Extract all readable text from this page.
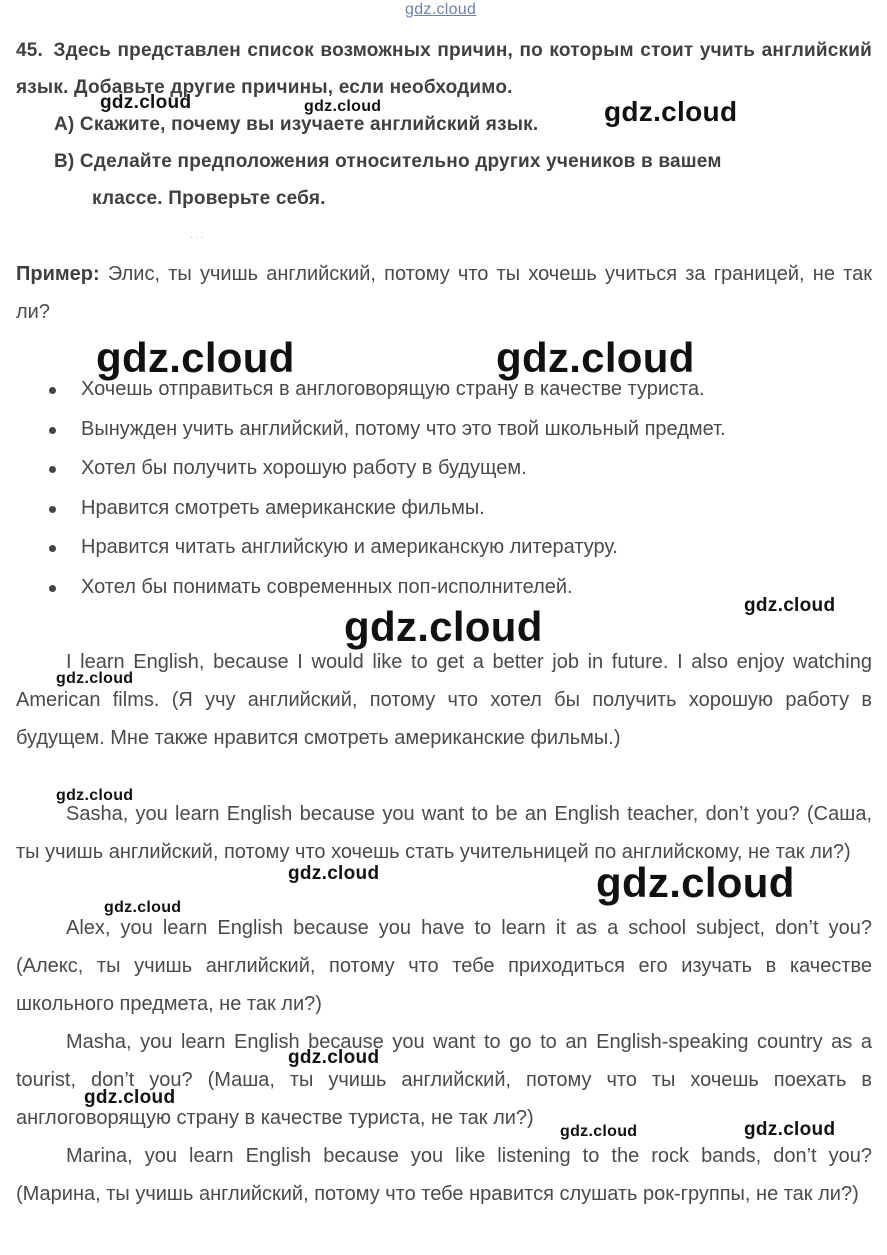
45. Здесь представлен список возможных причин, по которым стоит учить английский язык. Добавьте другие причины, если необходимо.

А) Скажите, почему вы изучаете английский язык.

В) Сделайте предположения относительно других учеников в вашем
классе. Проверьте себя.

···

Пример: Элис, ты учишь английский, потому что ты хочешь учиться за границей, не так ли?

Хочешь отправиться в англоговорящую страну в качестве туриста.
Вынужден учить английский, потому что это твой школьный предмет.
Хотел бы получить хорошую работу в будущем.
Нравится смотреть американские фильмы.
Нравится читать английскую и американскую литературу.
Хотел бы понимать современных поп-исполнителей.

I learn English, because I would like to get a better job in future. I also enjoy watching American films. (Я учу английский, потому что хотел бы получить хорошую работу в будущем. Мне также нравится смотреть американские фильмы.)

Sasha, you learn English because you want to be an English teacher, don’t you? (Саша, ты учишь английский, потому что хочешь стать учительницей по английскому, не так ли?)

Alex, you learn English because you have to learn it as a school subject, don’t you? (Алекс, ты учишь английский, потому что тебе приходиться его изучать в качестве школьного предмета, не так ли?)

Masha, you learn English because you want to go to an English-speaking country as a tourist, don’t you? (Маша, ты учишь английский, потому что ты хочешь поехать в англоговорящую страну в качестве туриста, не так ли?)

Marina, you learn English because you like listening to the rock bands, don’t you? (Марина, ты учишь английский, потому что тебе нравится слушать рок-группы, не так ли?)

gdz.cloud
gdz.cloud	gdz.cloud	gdz.cloud
gdz.cloud	gdz.cloud
gdz.cloud
gdz.cloud
gdz.cloud
gdz.cloud
gdz.cloud	gdz.cloud
gdz.cloud
gdz.cloud
gdz.cloud
gdz.cloud	gdz.cloud
